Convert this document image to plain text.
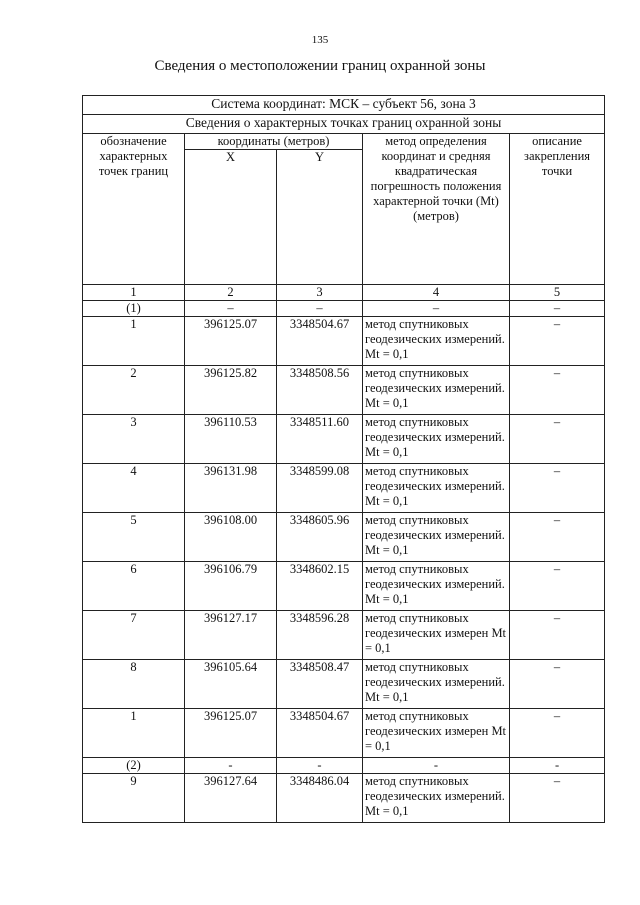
135
Сведения о местоположении границ охранной зоны
Система координат: МСК – субъект 56, зона 3				
Сведения о характерных точках границ охранной зоны				
обозначение характерных точек границ	координаты (метров)		метод определения координат и средняя квадратическая погрешность положения характерной точки (Mt) (метров)	описание закрепления точки
	X	Y		
1	2	3	4	5
(1)	–	–	–	–
1	396125.07	3348504.67	метод спутниковых геодезических измерений. Mt = 0,1	–
2	396125.82	3348508.56	метод спутниковых геодезических измерений. Mt = 0,1	–
3	396110.53	3348511.60	метод спутниковых геодезических измерений. Mt = 0,1	–
4	396131.98	3348599.08	метод спутниковых геодезических измерений. Mt = 0,1	–
5	396108.00	3348605.96	метод спутниковых геодезических измерений. Mt = 0,1	–
6	396106.79	3348602.15	метод спутниковых геодезических измерений. Mt = 0,1	–
7	396127.17	3348596.28	метод спутниковых геодезических измерен Mt = 0,1	–
8	396105.64	3348508.47	метод спутниковых геодезических измерений. Mt = 0,1	–
1	396125.07	3348504.67	метод спутниковых геодезических измерен Mt = 0,1	–
(2)	-	-	-	-
9	396127.64	3348486.04	метод спутниковых геодезических измерений. Mt = 0,1	–
